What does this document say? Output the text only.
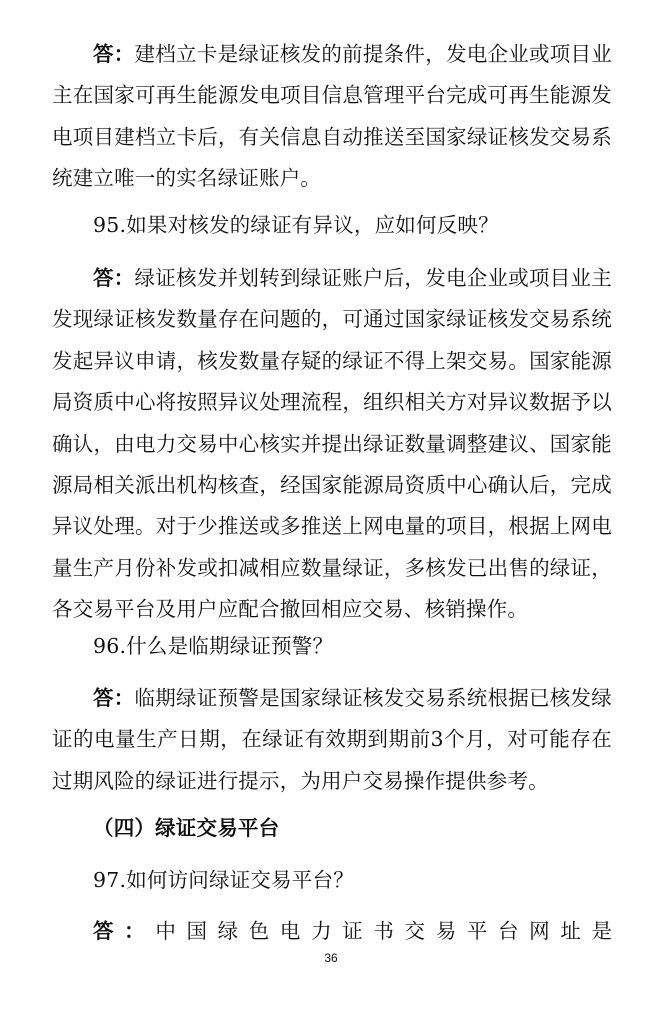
答：建档立卡是绿证核发的前提条件，发电企业或项目业主在国家可再生能源发电项目信息管理平台完成可再生能源发电项目建档立卡后，有关信息自动推送至国家绿证核发交易系统建立唯一的实名绿证账户。

95.如果对核发的绿证有异议，应如何反映？

答：绿证核发并划转到绿证账户后，发电企业或项目业主发现绿证核发数量存在问题的，可通过国家绿证核发交易系统发起异议申请，核发数量存疑的绿证不得上架交易。国家能源局资质中心将按照异议处理流程，组织相关方对异议数据予以确认，由电力交易中心核实并提出绿证数量调整建议、国家能源局相关派出机构核查，经国家能源局资质中心确认后，完成异议处理。对于少推送或多推送上网电量的项目，根据上网电量生产月份补发或扣减相应数量绿证，多核发已出售的绿证，各交易平台及用户应配合撤回相应交易、核销操作。

96.什么是临期绿证预警？

答：临期绿证预警是国家绿证核发交易系统根据已核发绿证的电量生产日期，在绿证有效期到期前3个月，对可能存在过期风险的绿证进行提示，为用户交易操作提供参考。

（四）绿证交易平台

97.如何访问绿证交易平台？

答：中国绿色电力证书交易平台网址是

36
